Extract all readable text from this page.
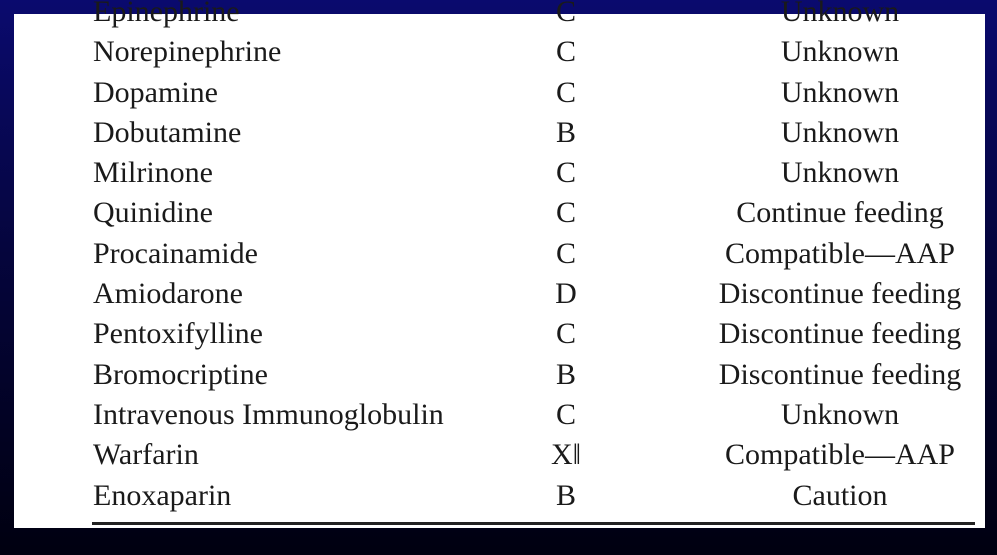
Epinephrine	C	Unknown
Norepinephrine	C	Unknown
Dopamine	C	Unknown
Dobutamine	B	Unknown
Milrinone	C	Unknown
Quinidine	C	Continue feeding
Procainamide	C	Compatible—AAP
Amiodarone	D	Discontinue feeding
Pentoxifylline	C	Discontinue feeding
Bromocriptine	B	Discontinue feeding
Intravenous Immunoglobulin	C	Unknown
Warfarin	X‖	Compatible—AAP
Enoxaparin	B	Caution
